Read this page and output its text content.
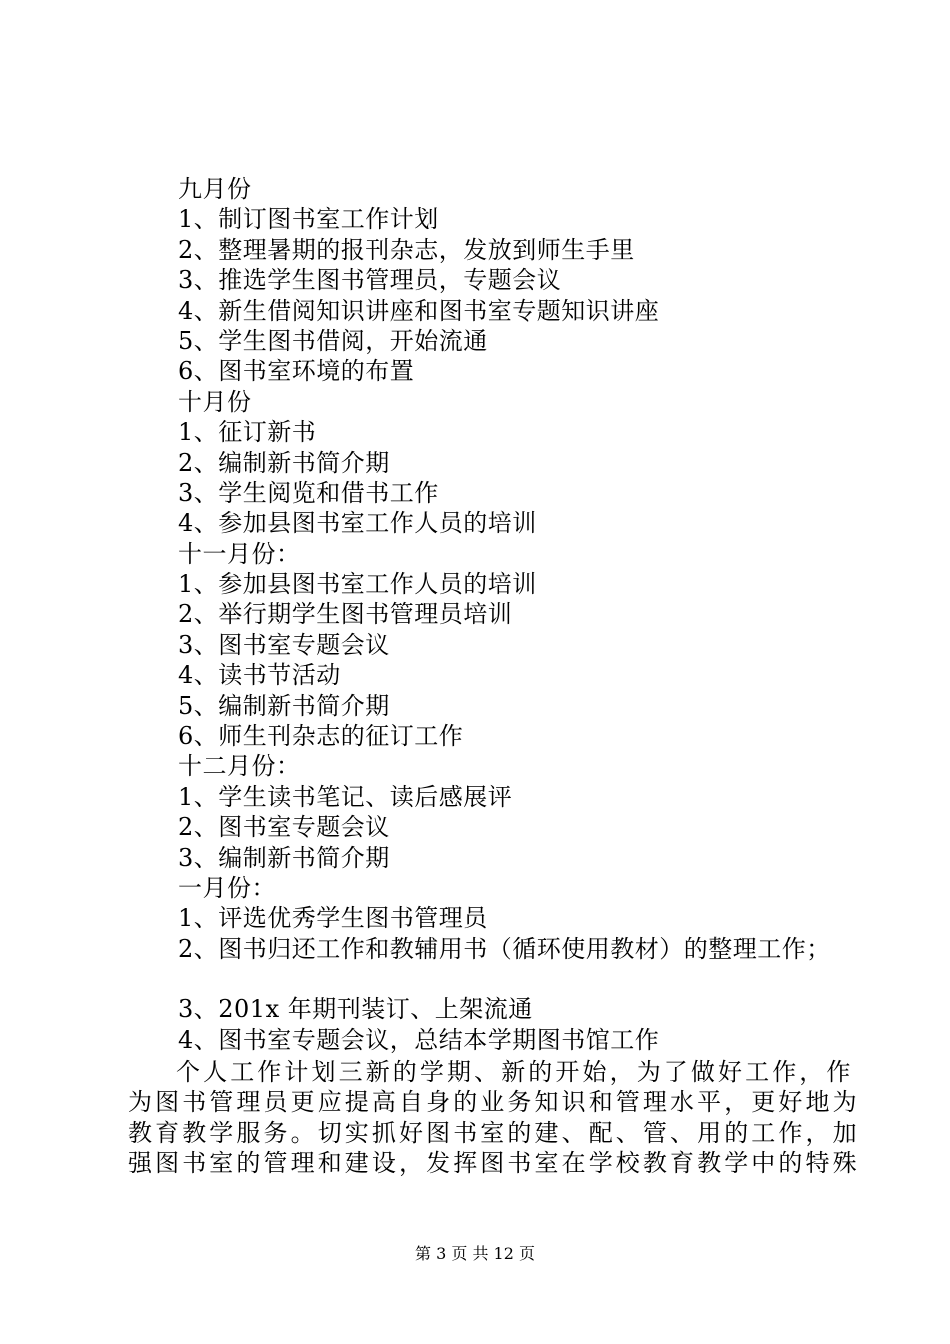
九月份
1、制订图书室工作计划
2、整理暑期的报刊杂志，发放到师生手里
3、推选学生图书管理员，专题会议
4、新生借阅知识讲座和图书室专题知识讲座
5、学生图书借阅，开始流通
6、图书室环境的布置
十月份
1、征订新书
2、编制新书简介期
3、学生阅览和借书工作
4、参加县图书室工作人员的培训
十一月份：
1、参加县图书室工作人员的培训
2、举行期学生图书管理员培训
3、图书室专题会议
4、读书节活动
5、编制新书简介期
6、师生刊杂志的征订工作
十二月份：
1、学生读书笔记、读后感展评
2、图书室专题会议
3、编制新书简介期
一月份：
1、评选优秀学生图书管理员
2、图书归还工作和教辅用书（循环使用教材）的整理工作；
3、201x 年期刊装订、上架流通
4、图书室专题会议，总结本学期图书馆工作
个人工作计划三新的学期、新的开始，为了做好工作，作
为图书管理员更应提高自身的业务知识和管理水平，更好地为
教育教学服务。切实抓好图书室的建、配、管、用的工作，加
强图书室的管理和建设，发挥图书室在学校教育教学中的特殊
第 3 页 共 12 页
